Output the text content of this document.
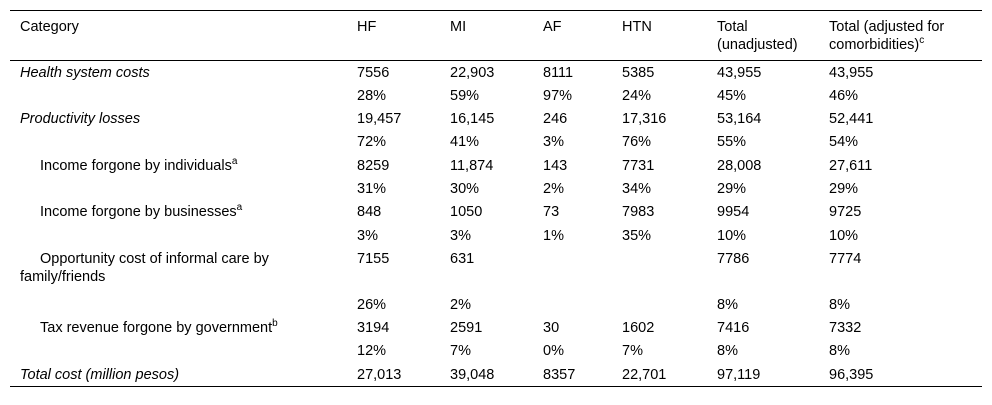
Category	HF	MI	AF	HTN	Total (unadjusted)	Total (adjusted for comorbidities)$^c$
Health system costs	7556	22,903	8111	5385	43,955	43,955
	28%	59%	97%	24%	45%	46%
Productivity losses	19,457	16,145	246	17,316	53,164	52,441
	72%	41%	3%	76%	55%	54%
Income forgone by individuals$^a$	8259	11,874	143	7731	28,008	27,611
	31%	30%	2%	34%	29%	29%
Income forgone by businesses$^a$	848	1050	73	7983	9954	9725
	3%	3%	1%	35%	10%	10%
Opportunity cost of informal care by family/friends	7155	631			7786	7774
	26%	2%			8%	8%
Tax revenue forgone by government$^b$	3194	2591	30	1602	7416	7332
	12%	7%	0%	7%	8%	8%
Total cost (million pesos)	27,013	39,048	8357	22,701	97,119	96,395
